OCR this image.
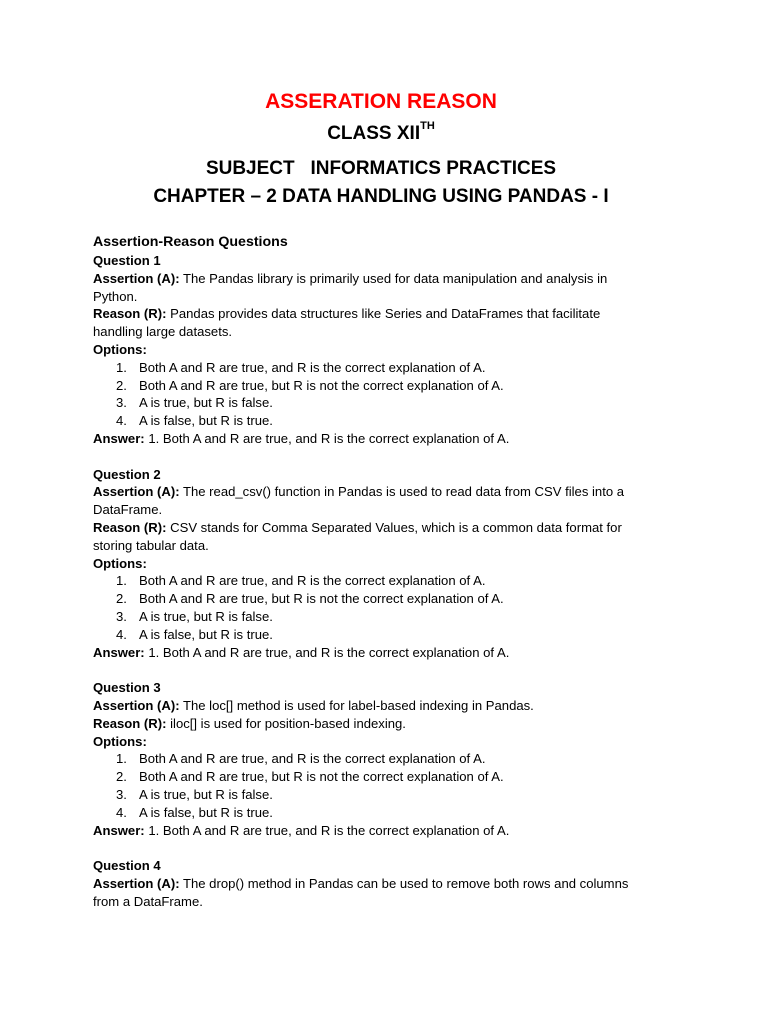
ASSERATION REASON
CLASS XIITH
SUBJECT   INFORMATICS PRACTICES
CHAPTER – 2 DATA HANDLING USING PANDAS - I
Assertion-Reason Questions
Question 1
Assertion (A): The Pandas library is primarily used for data manipulation and analysis in
Python.
Reason (R): Pandas provides data structures like Series and DataFrames that facilitate
handling large datasets.
Options:
1. Both A and R are true, and R is the correct explanation of A.
2. Both A and R are true, but R is not the correct explanation of A.
3. A is true, but R is false.
4. A is false, but R is true.
Answer: 1. Both A and R are true, and R is the correct explanation of A.
Question 2
Assertion (A): The read_csv() function in Pandas is used to read data from CSV files into a
DataFrame.
Reason (R): CSV stands for Comma Separated Values, which is a common data format for
storing tabular data.
Options:
1. Both A and R are true, and R is the correct explanation of A.
2. Both A and R are true, but R is not the correct explanation of A.
3. A is true, but R is false.
4. A is false, but R is true.
Answer: 1. Both A and R are true, and R is the correct explanation of A.
Question 3
Assertion (A): The loc[] method is used for label-based indexing in Pandas.
Reason (R): iloc[] is used for position-based indexing.
Options:
1. Both A and R are true, and R is the correct explanation of A.
2. Both A and R are true, but R is not the correct explanation of A.
3. A is true, but R is false.
4. A is false, but R is true.
Answer: 1. Both A and R are true, and R is the correct explanation of A.
Question 4
Assertion (A): The drop() method in Pandas can be used to remove both rows and columns
from a DataFrame.
